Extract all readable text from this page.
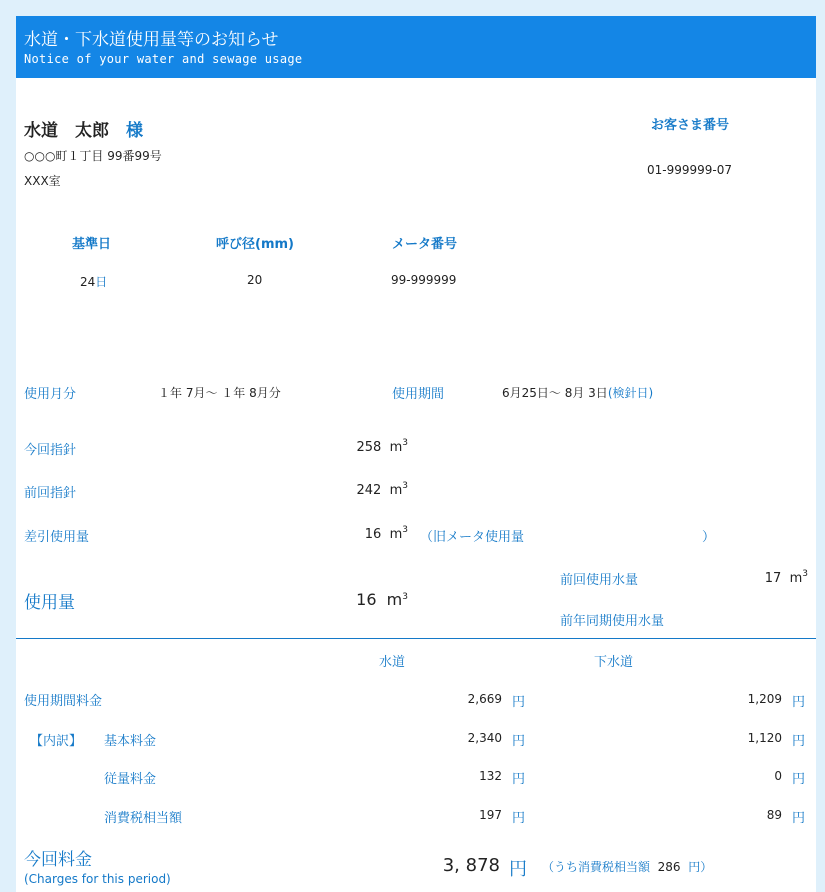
水道・下水道使用量等のお知らせ
Notice of your water and sewage usage
水道　太郎 様
○○○町１丁目 99番99号
XXX室
お客さま番号
01-999999-07
基準日	呼び径(mm)	メータ番号
24日	20	99-999999
使用月分	１年 7月～ １年 8月分	使用期間	6月25日～ 8月 3日(検針日)
今回指針	258 $m^3$
前回指針	242 $m^3$
差引使用量	16 $m^3$ （旧メータ使用量	）
使用量	16 $m^3$
前回使用水量	17 $m^3$
前年同期使用水量
水道	下水道
使用期間料金	2,669 円	1,209 円
【内訳】 基本料金	2,340 円	1,120 円
従量料金	132 円	0 円
消費税相当額	197 円	89 円
今回料金
(Charges for this period)
3, 878 円 （うち消費税相当額 286 円）
